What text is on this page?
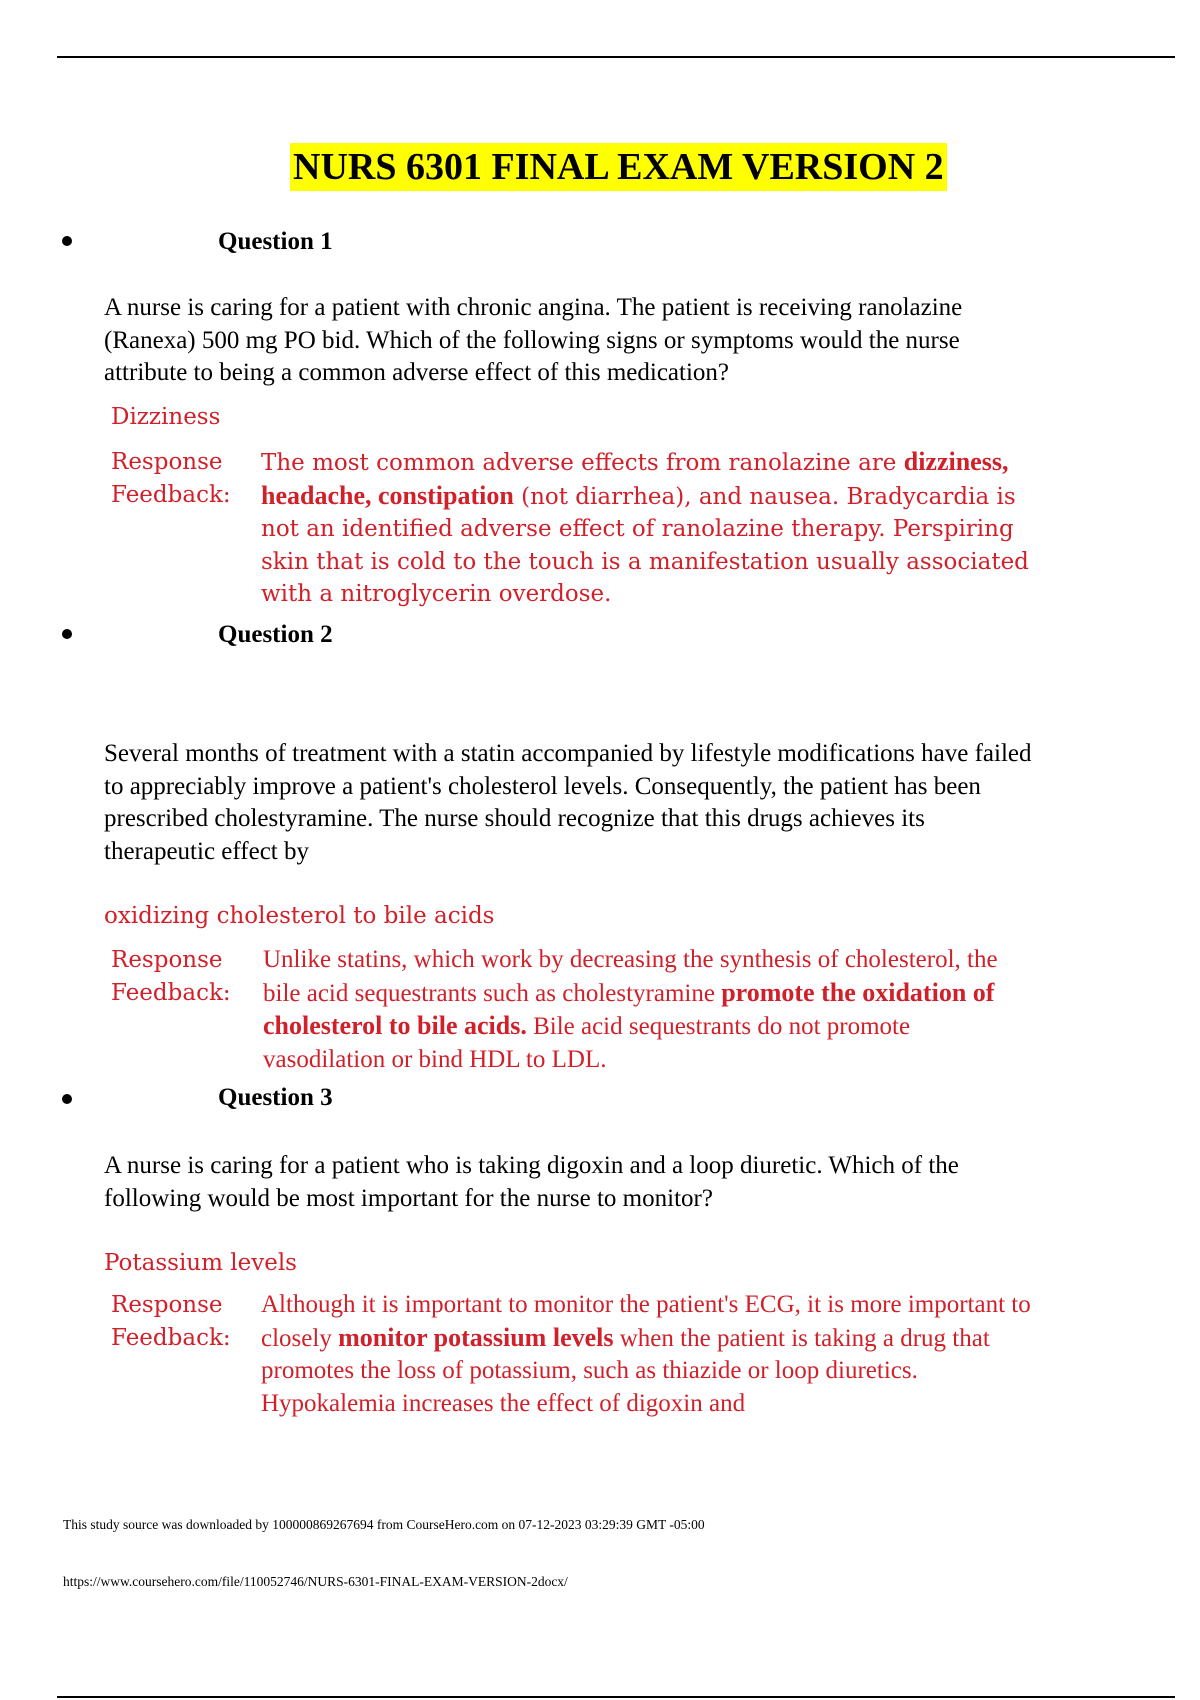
NURS 6301 FINAL EXAM VERSION 2
Question 1
A nurse is caring for a patient with chronic angina. The patient is receiving ranolazine (Ranexa) 500 mg PO bid. Which of the following signs or symptoms would the nurse attribute to being a common adverse effect of this medication?
Dizziness
Response Feedback:
The most common adverse effects from ranolazine are dizziness, headache, constipation (not diarrhea), and nausea. Bradycardia is not an identified adverse effect of ranolazine therapy. Perspiring skin that is cold to the touch is a manifestation usually associated with a nitroglycerin overdose.
Question 2
Several months of treatment with a statin accompanied by lifestyle modifications have failed to appreciably improve a patient's cholesterol levels. Consequently, the patient has been prescribed cholestyramine. The nurse should recognize that this drugs achieves its therapeutic effect by
oxidizing cholesterol to bile acids
Response Feedback:
Unlike statins, which work by decreasing the synthesis of cholesterol, the bile acid sequestrants such as cholestyramine promote the oxidation of cholesterol to bile acids. Bile acid sequestrants do not promote vasodilation or bind HDL to LDL.
Question 3
A nurse is caring for a patient who is taking digoxin and a loop diuretic. Which of the following would be most important for the nurse to monitor?
Potassium levels
Response Feedback:
Although it is important to monitor the patient's ECG, it is more important to closely monitor potassium levels when the patient is taking a drug that promotes the loss of potassium, such as thiazide or loop diuretics. Hypokalemia increases the effect of digoxin and
This study source was downloaded by 100000869267694 from CourseHero.com on 07-12-2023 03:29:39 GMT -05:00
https://www.coursehero.com/file/110052746/NURS-6301-FINAL-EXAM-VERSION-2docx/
